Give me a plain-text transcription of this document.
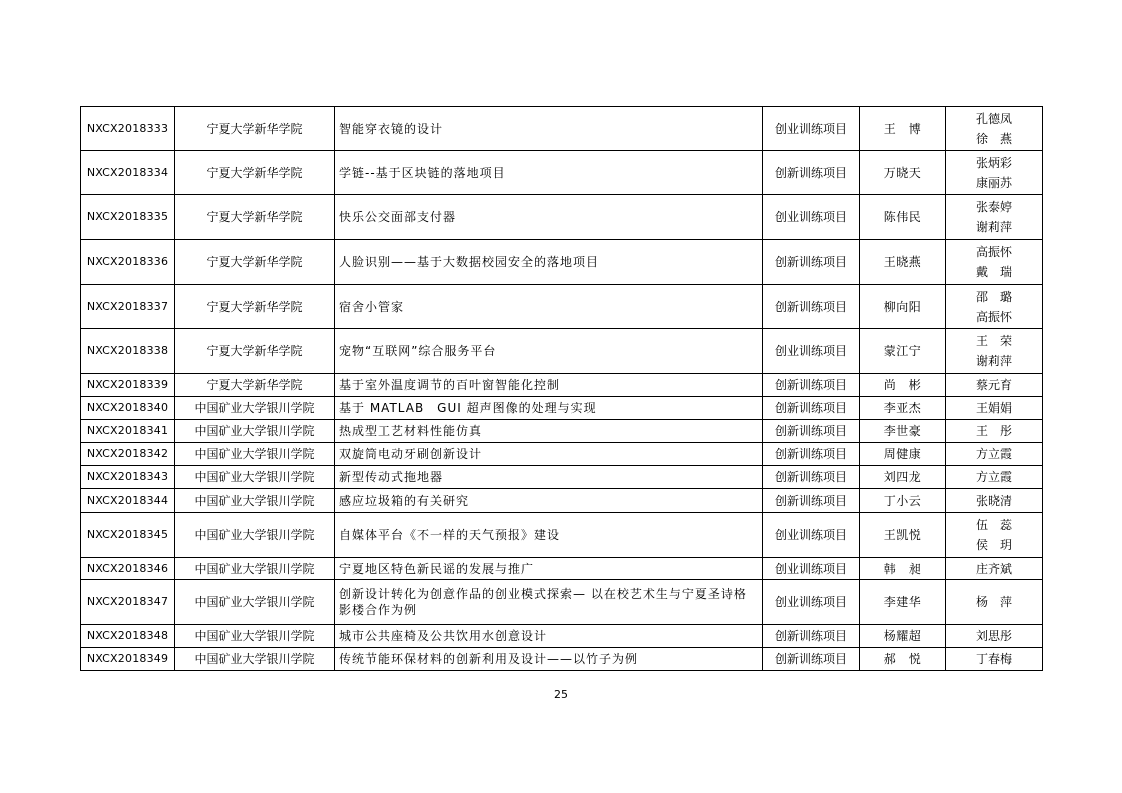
NXCX2018333	宁夏大学新华学院	智能穿衣镜的设计	创业训练项目	王　博	孔德凤
徐　燕

NXCX2018334	宁夏大学新华学院	学链--基于区块链的落地项目	创新训练项目	万晓天	张炳彩
康丽苏

NXCX2018335	宁夏大学新华学院	快乐公交面部支付器	创业训练项目	陈伟民	张泰婷
谢莉萍

NXCX2018336	宁夏大学新华学院	人脸识别——基于大数据校园安全的落地项目	创新训练项目	王晓燕	高振怀
戴　瑞

NXCX2018337	宁夏大学新华学院	宿舍小管家	创新训练项目	柳向阳	邵　璐
高振怀

NXCX2018338	宁夏大学新华学院	宠物“互联网”综合服务平台	创业训练项目	蒙江宁	王　荣
谢莉萍

NXCX2018339	宁夏大学新华学院	基于室外温度调节的百叶窗智能化控制	创新训练项目	尚　彬	蔡元育

NXCX2018340	中国矿业大学银川学院	基于 MATLAB　GUI 超声图像的处理与实现	创新训练项目	李亚杰	王娟娟

NXCX2018341	中国矿业大学银川学院	热成型工艺材料性能仿真	创新训练项目	李世豪	王　彤

NXCX2018342	中国矿业大学银川学院	双旋筒电动牙刷创新设计	创新训练项目	周健康	方立霞

NXCX2018343	中国矿业大学银川学院	新型传动式拖地器	创新训练项目	刘四龙	方立霞

NXCX2018344	中国矿业大学银川学院	感应垃圾箱的有关研究	创新训练项目	丁小云	张晓清

NXCX2018345	中国矿业大学银川学院	自媒体平台《不一样的天气预报》建设	创业训练项目	王凯悦	伍　蕊
侯　玥

NXCX2018346	中国矿业大学银川学院	宁夏地区特色新民谣的发展与推广	创业训练项目	韩　昶	庄齐斌

NXCX2018347	中国矿业大学银川学院	创新设计转化为创意作品的创业模式探索— 以在校艺术生与宁夏圣诗格影楼合作为例	创业训练项目	李建华	杨　萍

NXCX2018348	中国矿业大学银川学院	城市公共座椅及公共饮用水创意设计	创新训练项目	杨耀超	刘思彤

NXCX2018349	中国矿业大学银川学院	传统节能环保材料的创新利用及设计——以竹子为例	创新训练项目	郝　悦	丁春梅
25
